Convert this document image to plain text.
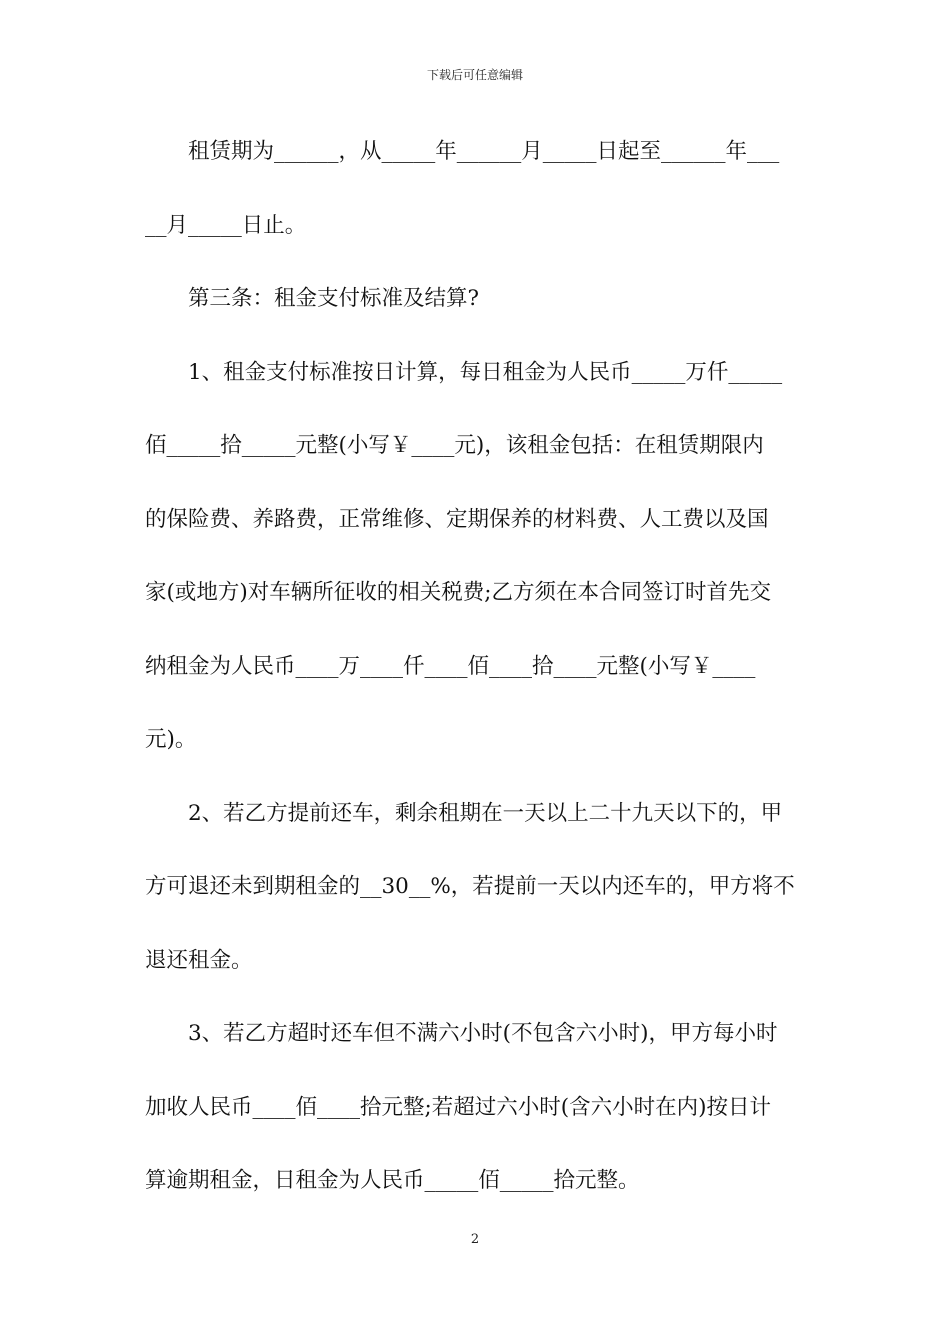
下载后可任意编辑
租赁期为______，从_____年______月_____日起至______年___
__月_____日止。
第三条：租金支付标准及结算?
1、租金支付标准按日计算，每日租金为人民币_____万仟_____
佰_____拾_____元整(小写￥____元)，该租金包括：在租赁期限内
的保险费、养路费，正常维修、定期保养的材料费、人工费以及国
家(或地方)对车辆所征收的相关税费;乙方须在本合同签订时首先交
纳租金为人民币____万____仟____佰____拾____元整(小写￥____
元)。
2、若乙方提前还车，剩余租期在一天以上二十九天以下的，甲
方可退还未到期租金的__30__%，若提前一天以内还车的，甲方将不
退还租金。
3、若乙方超时还车但不满六小时(不包含六小时)，甲方每小时
加收人民币____佰____拾元整;若超过六小时(含六小时在内)按日计
算逾期租金，日租金为人民币_____佰_____拾元整。
2
